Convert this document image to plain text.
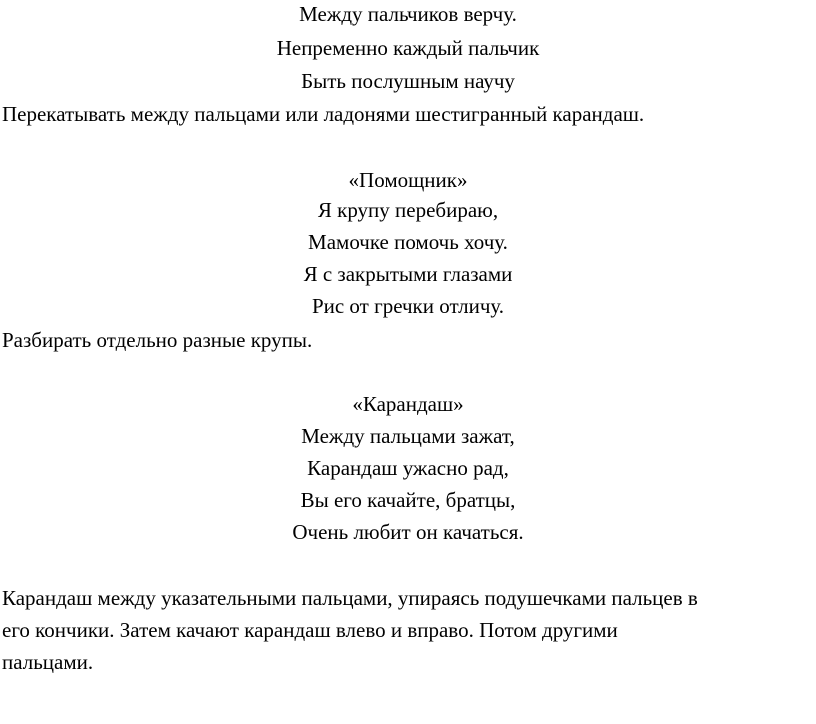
Между пальчиков верчу.
Непременно каждый пальчик
Быть послушным научу
Перекатывать между пальцами или ладонями шестигранный карандаш.
«Помощник»
Я крупу перебираю,
Мамочке помочь хочу.
Я с закрытыми глазами
Рис от гречки отличу.
Разбирать отдельно разные крупы.
«Карандаш»
Между пальцами зажат,
Карандаш ужасно рад,
Вы его качайте, братцы,
Очень любит он качаться.
Карандаш между указательными пальцами, упираясь подушечками пальцев в
его кончики. Затем качают карандаш влево и вправо. Потом другими
пальцами.
